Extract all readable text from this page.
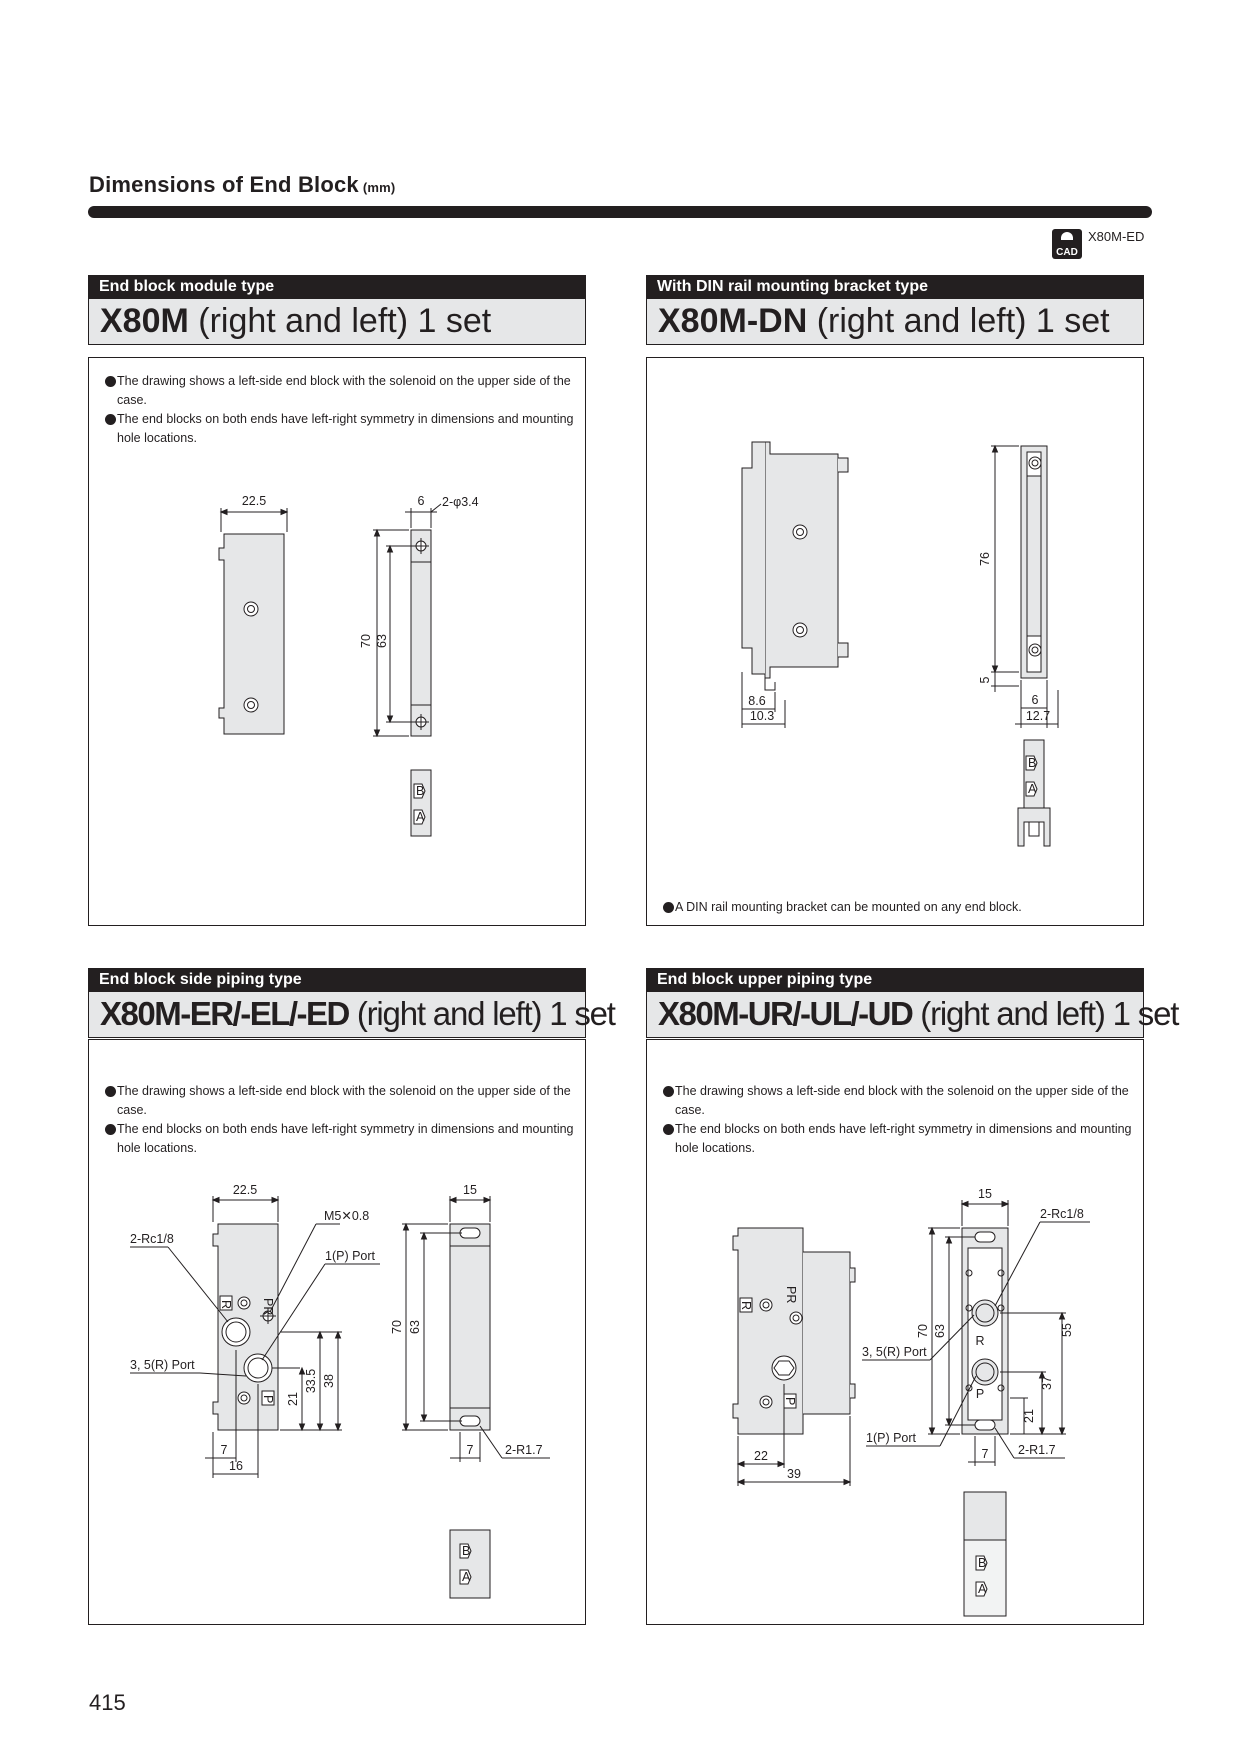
Dimensions of End Block (mm)
CAD
X80M-ED
End block module type
X80M (right and left) 1 set
With DIN rail mounting bracket type
X80M-DN (right and left) 1 set
End block side piping type
X80M-ER/-EL/-ED (right and left) 1 set
End block upper piping type
X80M-UR/-UL/-UD (right and left) 1 set
The drawing shows a left-side end block with the solenoid on the upper side of the case.
The end blocks on both ends have left-right symmetry in dimensions and mounting hole locations.
A DIN rail mounting bracket can be mounted on any end block.
The drawing shows a left-side end block with the solenoid on the upper side of the case.
The end blocks on both ends have left-right symmetry in dimensions and mounting hole locations.
The drawing shows a left-side end block with the solenoid on the upper side of the case.
The end blocks on both ends have left-right symmetry in dimensions and mounting hole locations.
22.5	6 2-φ3.4
70 63
B
A
8.6
10.3
76
5
6
12.7
B
A
22.5
M5✕0.8
2-Rc1/8
1(P) Port
3, 5(R) Port
21
33.5 38
7
16
15
70 63
7	2-R1.7
PR
R
P
B
A
15
2-Rc1/8
70 63	55
37
21
3, 5(R) Port
1(P) Port
7 2-R1.7
22
39
PR
R
P
R
P
B
A
415
